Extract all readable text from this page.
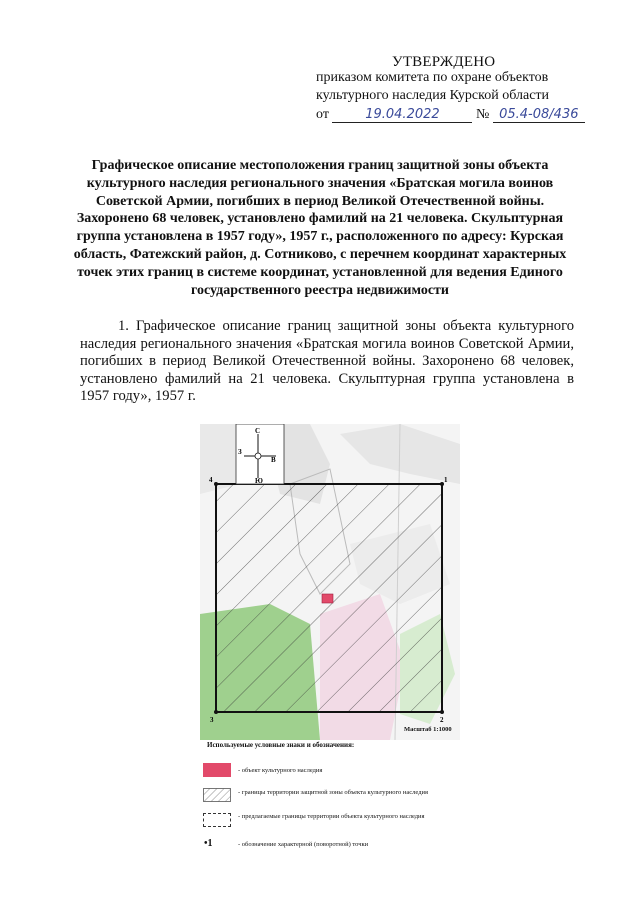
УТВЕРЖДЕНО
приказом комитета по охране объектов
культурного наследия Курской области
от	19.04.2022	№ 05.4-08/436
Графическое описание местоположения границ защитной зоны объекта культурного наследия регионального значения «Братская могила воинов Советской Армии, погибших в период Великой Отечественной войны. Захоронено 68 человек, установлено фамилий на 21 человека. Скульптурная группа установлена в 1957 году», 1957 г., расположенного по адресу: Курская область, Фатежский район, д. Сотниково, с перечнем координат характерных точек этих границ в системе координат, установленной для ведения Единого государственного реестра недвижимости
1. Графическое описание границ защитной зоны объекта культурного наследия регионального значения «Братская могила воинов Советской Армии, погибших в период Великой Отечественной войны. Захоронено 68 человек, установлено фамилий на 21 человека. Скульптурная группа установлена в 1957 году», 1957 г.
1
2
3
4
С
Ю
З
В
Масштаб 1:1000
Используемые условные знаки и обозначения:
- объект культурного наследия
- границы территории защитной зоны объекта культурного наследия
- предлагаемые границы территории объекта культурного наследия
•1	- обозначение характерной (поворотной) точки
